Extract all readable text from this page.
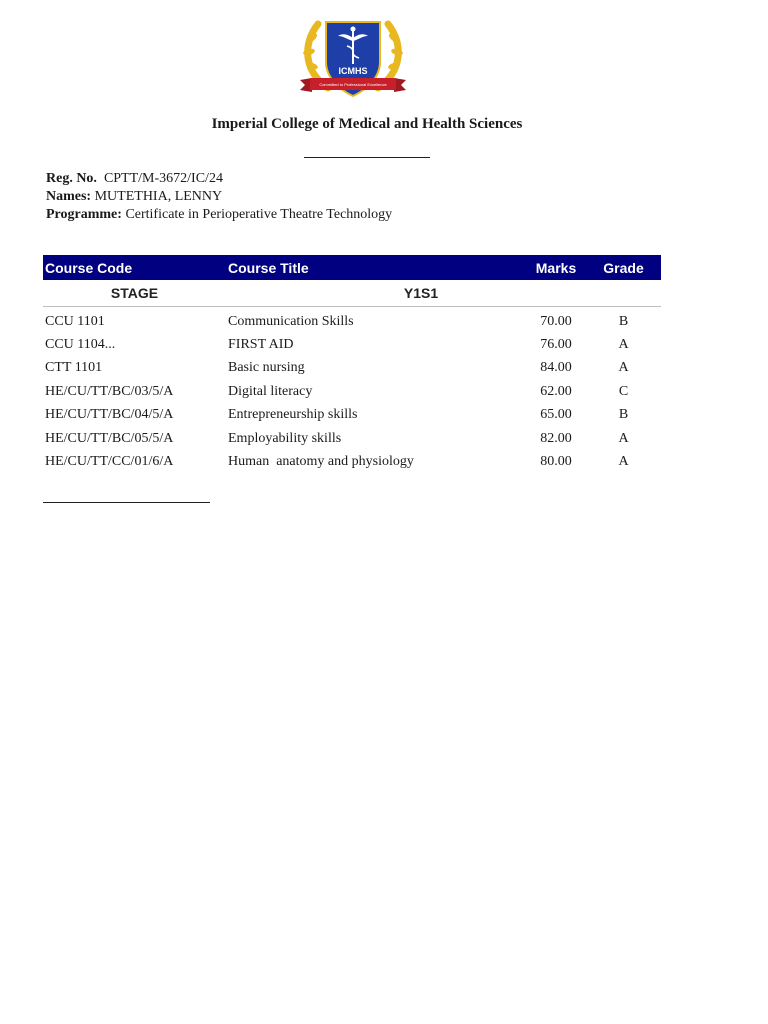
ICMHS
Committed to Professional Excellence
Imperial College of Medical and Health Sciences
Reg. No. CPTT/M-3672/IC/24
Names: MUTETHIA, LENNY
Programme: Certificate in Perioperative Theatre Technology
Course Code	Course Title	Marks	Grade
STAGE	Y1S1
CCU 1101	Communication Skills	70.00	B
CCU 1104...	FIRST AID	76.00	A
CTT 1101	Basic nursing	84.00	A
HE/CU/TT/BC/03/5/A	Digital literacy	62.00	C
HE/CU/TT/BC/04/5/A	Entrepreneurship skills	65.00	B
HE/CU/TT/BC/05/5/A	Employability skills	82.00	A
HE/CU/TT/CC/01/6/A	Human  anatomy and physiology	80.00	A
